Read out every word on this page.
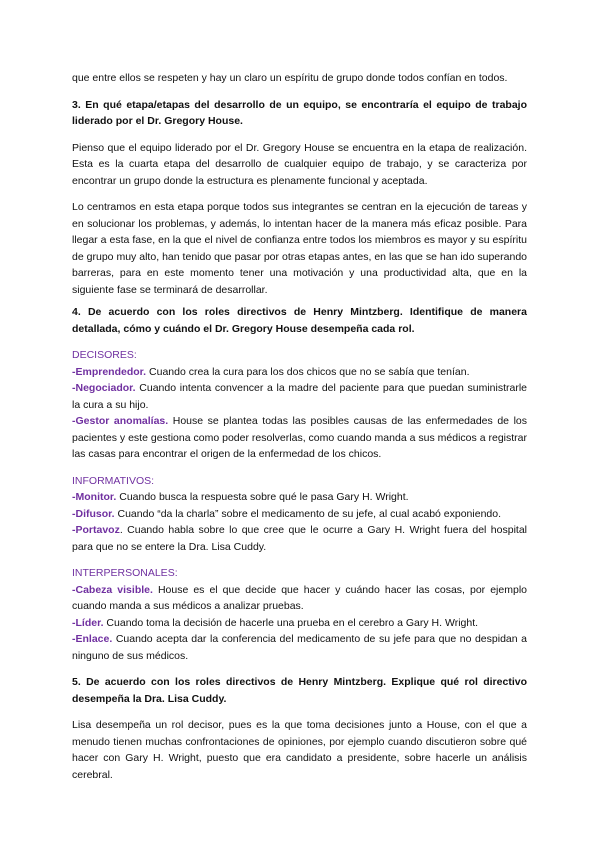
que entre ellos se respeten y hay un claro un espíritu de grupo donde todos confían en todos.

3. En qué etapa/etapas del desarrollo de un equipo, se encontraría el equipo de trabajo liderado por el Dr. Gregory House.

Pienso que el equipo liderado por el Dr. Gregory House se encuentra en la etapa de realización. Esta es la cuarta etapa del desarrollo de cualquier equipo de trabajo, y se caracteriza por encontrar un grupo donde la estructura es plenamente funcional y aceptada.

Lo centramos en esta etapa porque todos sus integrantes se centran en la ejecución de tareas y en solucionar los problemas, y además, lo intentan hacer de la manera más eficaz posible. Para llegar a esta fase, en la que el nivel de confianza entre todos los miembros es mayor y su espíritu de grupo muy alto, han tenido que pasar por otras etapas antes, en las que se han ido superando barreras, para en este momento tener una motivación y una productividad alta, que en la siguiente fase se terminará de desarrollar.

4. De acuerdo con los roles directivos de Henry Mintzberg. Identifique de manera detallada, cómo y cuándo el Dr. Gregory House desempeña cada rol.

DECISORES:

-Emprendedor. Cuando crea la cura para los dos chicos que no se sabía que tenían.

-Negociador. Cuando intenta convencer a la madre del paciente para que puedan suministrarle la cura a su hijo.

-Gestor anomalías. House se plantea todas las posibles causas de las enfermedades de los pacientes y este gestiona como poder resolverlas, como cuando manda a sus médicos a registrar las casas para encontrar el origen de la enfermedad de los chicos.

INFORMATIVOS:

-Monitor. Cuando busca la respuesta sobre qué le pasa Gary H. Wright.

-Difusor. Cuando “da la charla” sobre el medicamento de su jefe, al cual acabó exponiendo.

-Portavoz. Cuando habla sobre lo que cree que le ocurre a Gary H. Wright fuera del hospital para que no se entere la Dra. Lisa Cuddy.

INTERPERSONALES:

-Cabeza visible. House es el que decide que hacer y cuándo hacer las cosas, por ejemplo cuando manda a sus médicos a analizar pruebas.

-Líder. Cuando toma la decisión de hacerle una prueba en el cerebro a Gary H. Wright.

-Enlace. Cuando acepta dar la conferencia del medicamento de su jefe para que no despidan a ninguno de sus médicos.

5. De acuerdo con los roles directivos de Henry Mintzberg. Explique qué rol directivo desempeña la Dra. Lisa Cuddy.

Lisa desempeña un rol decisor, pues es la que toma decisiones junto a House, con el que a menudo tienen muchas confrontaciones de opiniones, por ejemplo cuando discutieron sobre qué hacer con Gary H. Wright, puesto que era candidato a presidente, sobre hacerle un análisis cerebral.
